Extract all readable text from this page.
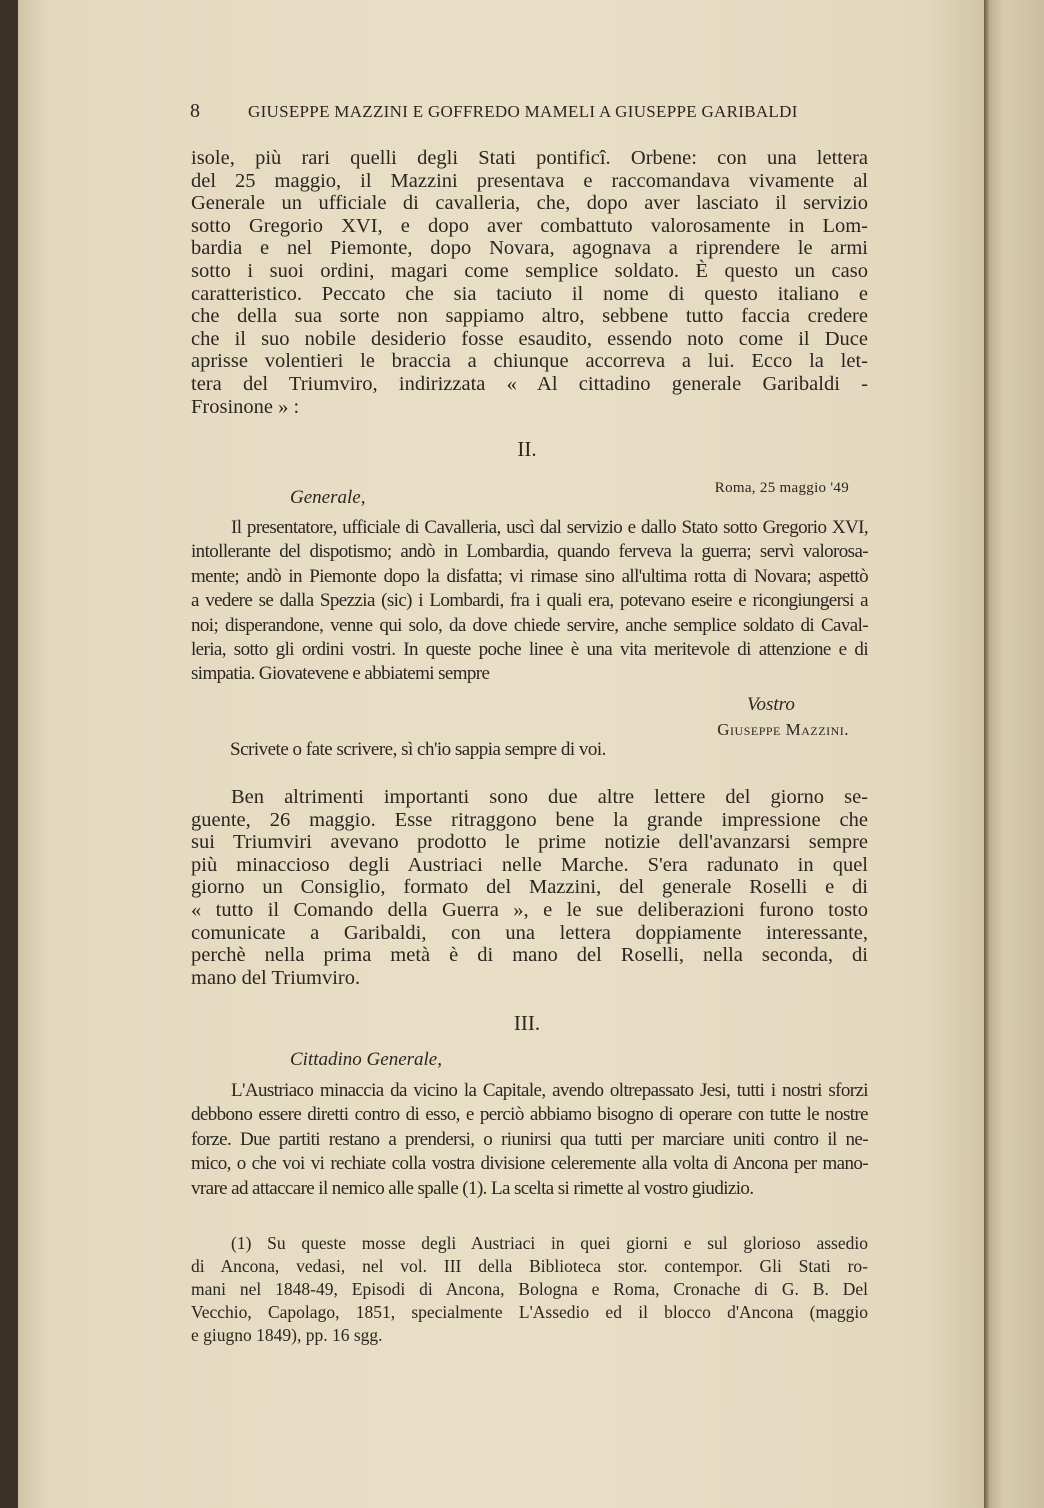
8	GIUSEPPE MAZZINI E GOFFREDO MAMELI A GIUSEPPE GARIBALDI
isole, più rari quelli degli Stati pontificî. Orbene: con una lettera
del 25 maggio, il Mazzini presentava e raccomandava vivamente al
Generale un ufficiale di cavalleria, che, dopo aver lasciato il servizio
sotto Gregorio XVI, e dopo aver combattuto valorosamente in Lom-
bardia e nel Piemonte, dopo Novara, agognava a riprendere le armi
sotto i suoi ordini, magari come semplice soldato. È questo un caso
caratteristico. Peccato che sia taciuto il nome di questo italiano e
che della sua sorte non sappiamo altro, sebbene tutto faccia credere
che il suo nobile desiderio fosse esaudito, essendo noto come il Duce
aprisse volentieri le braccia a chiunque accorreva a lui. Ecco la let-
tera del Triumviro, indirizzata « Al cittadino generale Garibaldi -
Frosinone » :
II.
Roma, 25 maggio '49
Generale,
Il presentatore, ufficiale di Cavalleria, uscì dal servizio e dallo Stato sotto Gregorio XVI,
intollerante del dispotismo; andò in Lombardia, quando ferveva la guerra; servì valorosa-
mente; andò in Piemonte dopo la disfatta; vi rimase sino all'ultima rotta di Novara; aspettò
a vedere se dalla Spezzia (sic) i Lombardi, fra i quali era, potevano eseire e ricongiungersi a
noi; disperandone, venne qui solo, da dove chiede servire, anche semplice soldato di Caval-
leria, sotto gli ordini vostri. In queste poche linee è una vita meritevole di attenzione e di
simpatia. Giovatevene e abbiatemi sempre
Vostro
Giuseppe Mazzini.
Scrivete o fate scrivere, sì ch'io sappia sempre di voi.
Ben altrimenti importanti sono due altre lettere del giorno se-
guente, 26 maggio. Esse ritraggono bene la grande impressione che
sui Triumviri avevano prodotto le prime notizie dell'avanzarsi sempre
più minaccioso degli Austriaci nelle Marche. S'era radunato in quel
giorno un Consiglio, formato del Mazzini, del generale Roselli e di
« tutto il Comando della Guerra », e le sue deliberazioni furono tosto
comunicate a Garibaldi, con una lettera doppiamente interessante,
perchè nella prima metà è di mano del Roselli, nella seconda, di
mano del Triumviro.
III.
Cittadino Generale,
L'Austriaco minaccia da vicino la Capitale, avendo oltrepassato Jesi, tutti i nostri sforzi
debbono essere diretti contro di esso, e perciò abbiamo bisogno di operare con tutte le nostre
forze. Due partiti restano a prendersi, o riunirsi qua tutti per marciare uniti contro il ne-
mico, o che voi vi rechiate colla vostra divisione celeremente alla volta di Ancona per mano-
vrare ad attaccare il nemico alle spalle (1). La scelta si rimette al vostro giudizio.
(1) Su queste mosse degli Austriaci in quei giorni e sul glorioso assedio
di Ancona, vedasi, nel vol. III della Biblioteca stor. contempor. Gli Stati ro-
mani nel 1848-49, Episodi di Ancona, Bologna e Roma, Cronache di G. B. Del
Vecchio, Capolago, 1851, specialmente L'Assedio ed il blocco d'Ancona (maggio
e giugno 1849), pp. 16 sgg.
